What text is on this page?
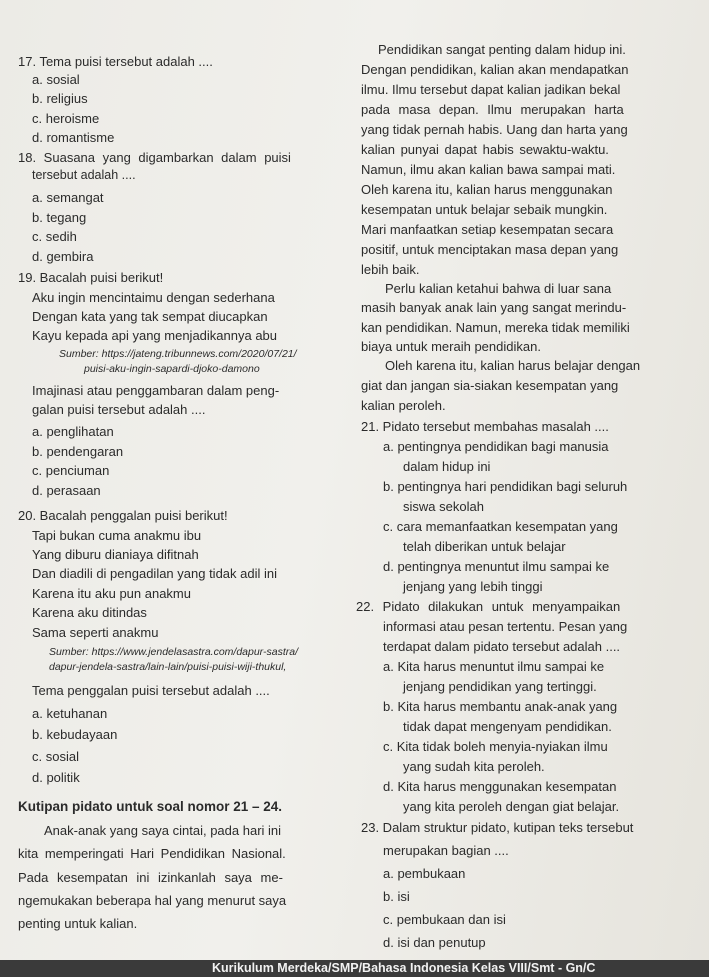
17. Tema puisi tersebut adalah ....
a. sosial
b. religius
c. heroisme
d. romantisme
18. Suasana yang digambarkan dalam puisi
tersebut adalah ....
a. semangat
b. tegang
c. sedih
d. gembira
19. Bacalah puisi berikut!
Aku ingin mencintaimu dengan sederhana
Dengan kata yang tak sempat diucapkan
Kayu kepada api yang menjadikannya abu
Sumber: https://jateng.tribunnews.com/2020/07/21/
puisi-aku-ingin-sapardi-djoko-damono
Imajinasi atau penggambaran dalam peng-
galan puisi tersebut adalah ....
a. penglihatan
b. pendengaran
c. penciuman
d. perasaan
20. Bacalah penggalan puisi berikut!
Tapi bukan cuma anakmu ibu
Yang diburu dianiaya difitnah
Dan diadili di pengadilan yang tidak adil ini
Karena itu aku pun anakmu
Karena aku ditindas
Sama seperti anakmu
Sumber: https://www.jendelasastra.com/dapur-sastra/
dapur-jendela-sastra/lain-lain/puisi-puisi-wiji-thukul,
Tema penggalan puisi tersebut adalah ....
a. ketuhanan
b. kebudayaan
c. sosial
d. politik
Kutipan pidato untuk soal nomor 21 – 24.
Anak-anak yang saya cintai, pada hari ini
kita memperingati Hari Pendidikan Nasional.
Pada kesempatan ini izinkanlah saya me-
ngemukakan beberapa hal yang menurut saya
penting untuk kalian.
Pendidikan sangat penting dalam hidup ini.
Dengan pendidikan, kalian akan mendapatkan
ilmu. Ilmu tersebut dapat kalian jadikan bekal
pada masa depan. Ilmu merupakan harta
yang tidak pernah habis. Uang dan harta yang
kalian punyai dapat habis sewaktu-waktu.
Namun, ilmu akan kalian bawa sampai mati.
Oleh karena itu, kalian harus menggunakan
kesempatan untuk belajar sebaik mungkin.
Mari manfaatkan setiap kesempatan secara
positif, untuk menciptakan masa depan yang
lebih baik.
Perlu kalian ketahui bahwa di luar sana
masih banyak anak lain yang sangat merindu-
kan pendidikan. Namun, mereka tidak memiliki
biaya untuk meraih pendidikan.
Oleh karena itu, kalian harus belajar dengan
giat dan jangan sia-siakan kesempatan yang
kalian peroleh.
21. Pidato tersebut membahas masalah ....
a. pentingnya pendidikan bagi manusia
dalam hidup ini
b. pentingnya hari pendidikan bagi seluruh
siswa sekolah
c. cara memanfaatkan kesempatan yang
telah diberikan untuk belajar
d. pentingnya menuntut ilmu sampai ke
jenjang yang lebih tinggi
22. Pidato dilakukan untuk menyampaikan
informasi atau pesan tertentu. Pesan yang
terdapat dalam pidato tersebut adalah ....
a. Kita harus menuntut ilmu sampai ke
jenjang pendidikan yang tertinggi.
b. Kita harus membantu anak-anak yang
tidak dapat mengenyam pendidikan.
c. Kita tidak boleh menyia-nyiakan ilmu
yang sudah kita peroleh.
d. Kita harus menggunakan kesempatan
yang kita peroleh dengan giat belajar.
23. Dalam struktur pidato, kutipan teks tersebut
merupakan bagian ....
a. pembukaan
b. isi
c. pembukaan dan isi
d. isi dan penutup
Kurikulum Merdeka/SMP/Bahasa Indonesia Kelas VIII/Smt - Gn/C
